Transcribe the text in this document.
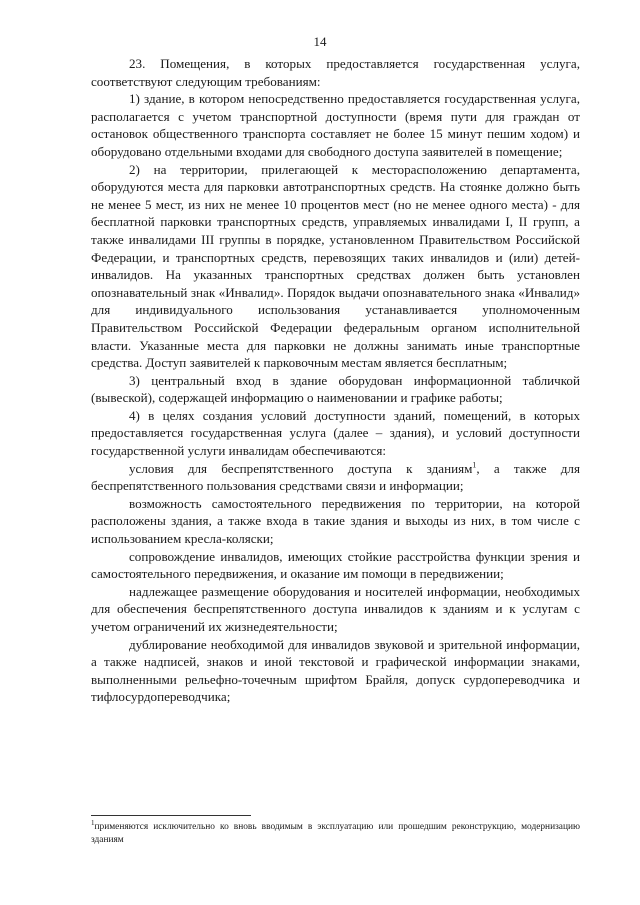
14

23. Помещения, в которых предоставляется государственная услуга, соответствуют следующим требованиям:

1) здание, в котором непосредственно предоставляется государственная услуга, располагается с учетом транспортной доступности (время пути для граждан от остановок общественного транспорта составляет не более 15 минут пешим ходом) и оборудовано отдельными входами для свободного доступа заявителей в помещение;

2) на территории, прилегающей к месторасположению департамента, оборудуются места для парковки автотранспортных средств. На стоянке должно быть не менее 5 мест, из них не менее 10 процентов мест (но не менее одного места) - для бесплатной парковки транспортных средств, управляемых инвалидами I, II групп, а также инвалидами III группы в порядке, установленном Правительством Российской Федерации, и транспортных средств, перевозящих таких инвалидов и (или) детей-инвалидов. На указанных транспортных средствах должен быть установлен опознавательный знак «Инвалид». Порядок выдачи опознавательного знака «Инвалид» для индивидуального использования устанавливается уполномоченным Правительством Российской Федерации федеральным органом исполнительной власти. Указанные места для парковки не должны занимать иные транспортные средства. Доступ заявителей к парковочным местам является бесплатным;

3) центральный вход в здание оборудован информационной табличкой (вывеской), содержащей информацию о наименовании и графике работы;

4) в целях создания условий доступности зданий, помещений, в которых предоставляется государственная услуга (далее – здания), и условий доступности государственной услуги инвалидам обеспечиваются:

условия для беспрепятственного доступа к зданиям$^1$, а также для беспрепятственного пользования средствами связи и информации;

возможность самостоятельного передвижения по территории, на которой расположены здания, а также входа в такие здания и выходы из них, в том числе с использованием кресла-коляски;

сопровождение инвалидов, имеющих стойкие расстройства функции зрения и самостоятельного передвижения, и оказание им помощи в передвижении;

надлежащее размещение оборудования и носителей информации, необходимых для обеспечения беспрепятственного доступа инвалидов к зданиям и к услугам с учетом ограничений их жизнедеятельности;

дублирование необходимой для инвалидов звуковой и зрительной информации, а также надписей, знаков и иной текстовой и графической информации знаками, выполненными рельефно-точечным шрифтом Брайля, допуск сурдопереводчика и тифлосурдопереводчика;

$^1$применяются исключительно ко вновь вводимым в эксплуатацию или прошедшим реконструкцию, модернизацию зданиям
